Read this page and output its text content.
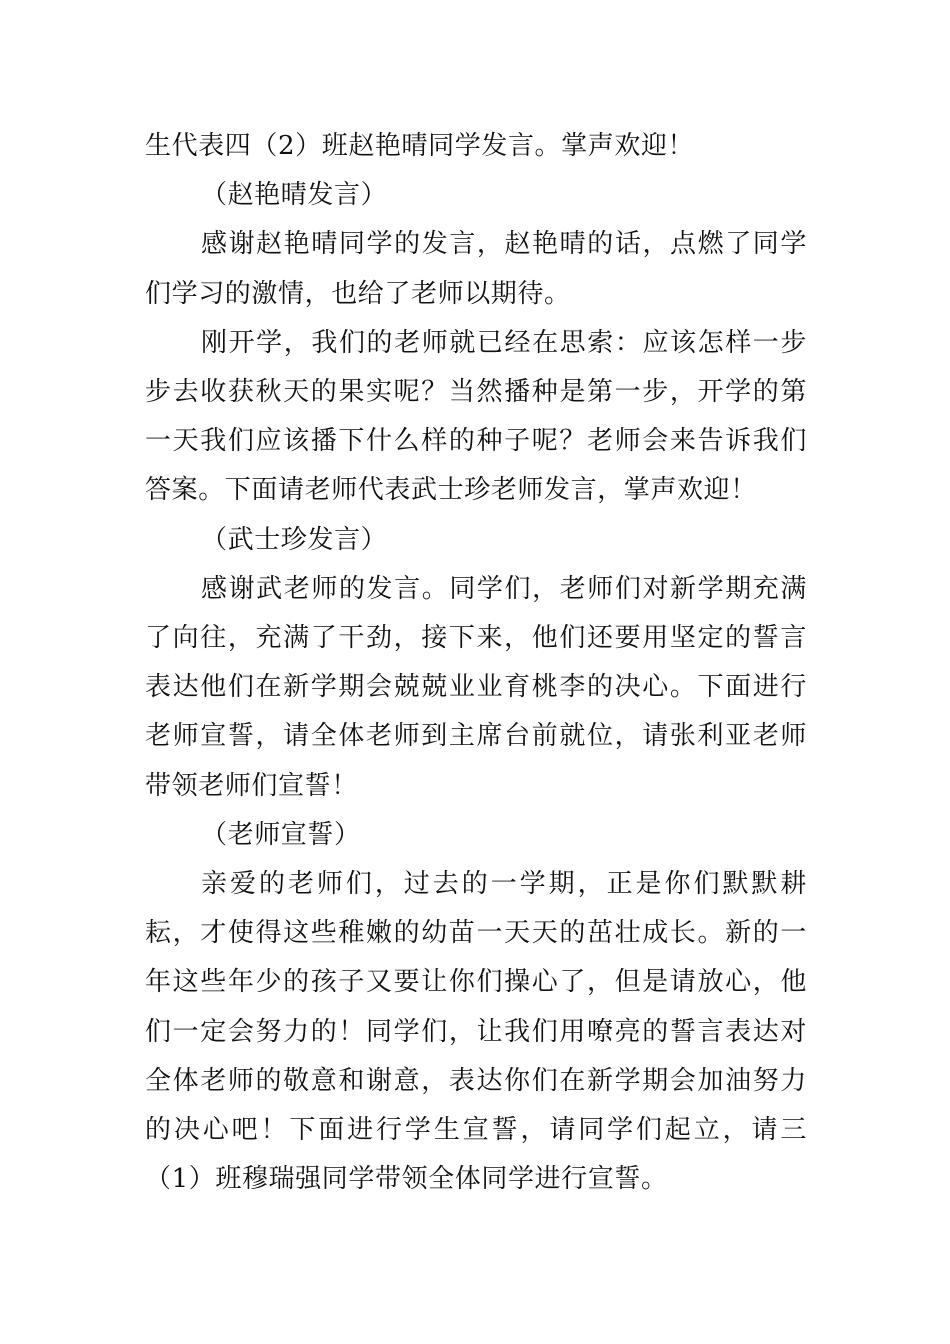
生代表四（2）班赵艳晴同学发言。掌声欢迎！

（赵艳晴发言）

感谢赵艳晴同学的发言，赵艳晴的话，点燃了同学们学习的激情，也给了老师以期待。

刚开学，我们的老师就已经在思索：应该怎样一步步去收获秋天的果实呢？当然播种是第一步，开学的第一天我们应该播下什么样的种子呢？老师会来告诉我们答案。下面请老师代表武士珍老师发言，掌声欢迎！

（武士珍发言）

感谢武老师的发言。同学们，老师们对新学期充满了向往，充满了干劲，接下来，他们还要用坚定的誓言表达他们在新学期会兢兢业业育桃李的决心。下面进行老师宣誓，请全体老师到主席台前就位，请张利亚老师带领老师们宣誓！

（老师宣誓）

亲爱的老师们，过去的一学期，正是你们默默耕耘，才使得这些稚嫩的幼苗一天天的茁壮成长。新的一年这些年少的孩子又要让你们操心了，但是请放心，他们一定会努力的！同学们，让我们用嘹亮的誓言表达对全体老师的敬意和谢意，表达你们在新学期会加油努力的决心吧！下面进行学生宣誓，请同学们起立，请三（1）班穆瑞强同学带领全体同学进行宣誓。
